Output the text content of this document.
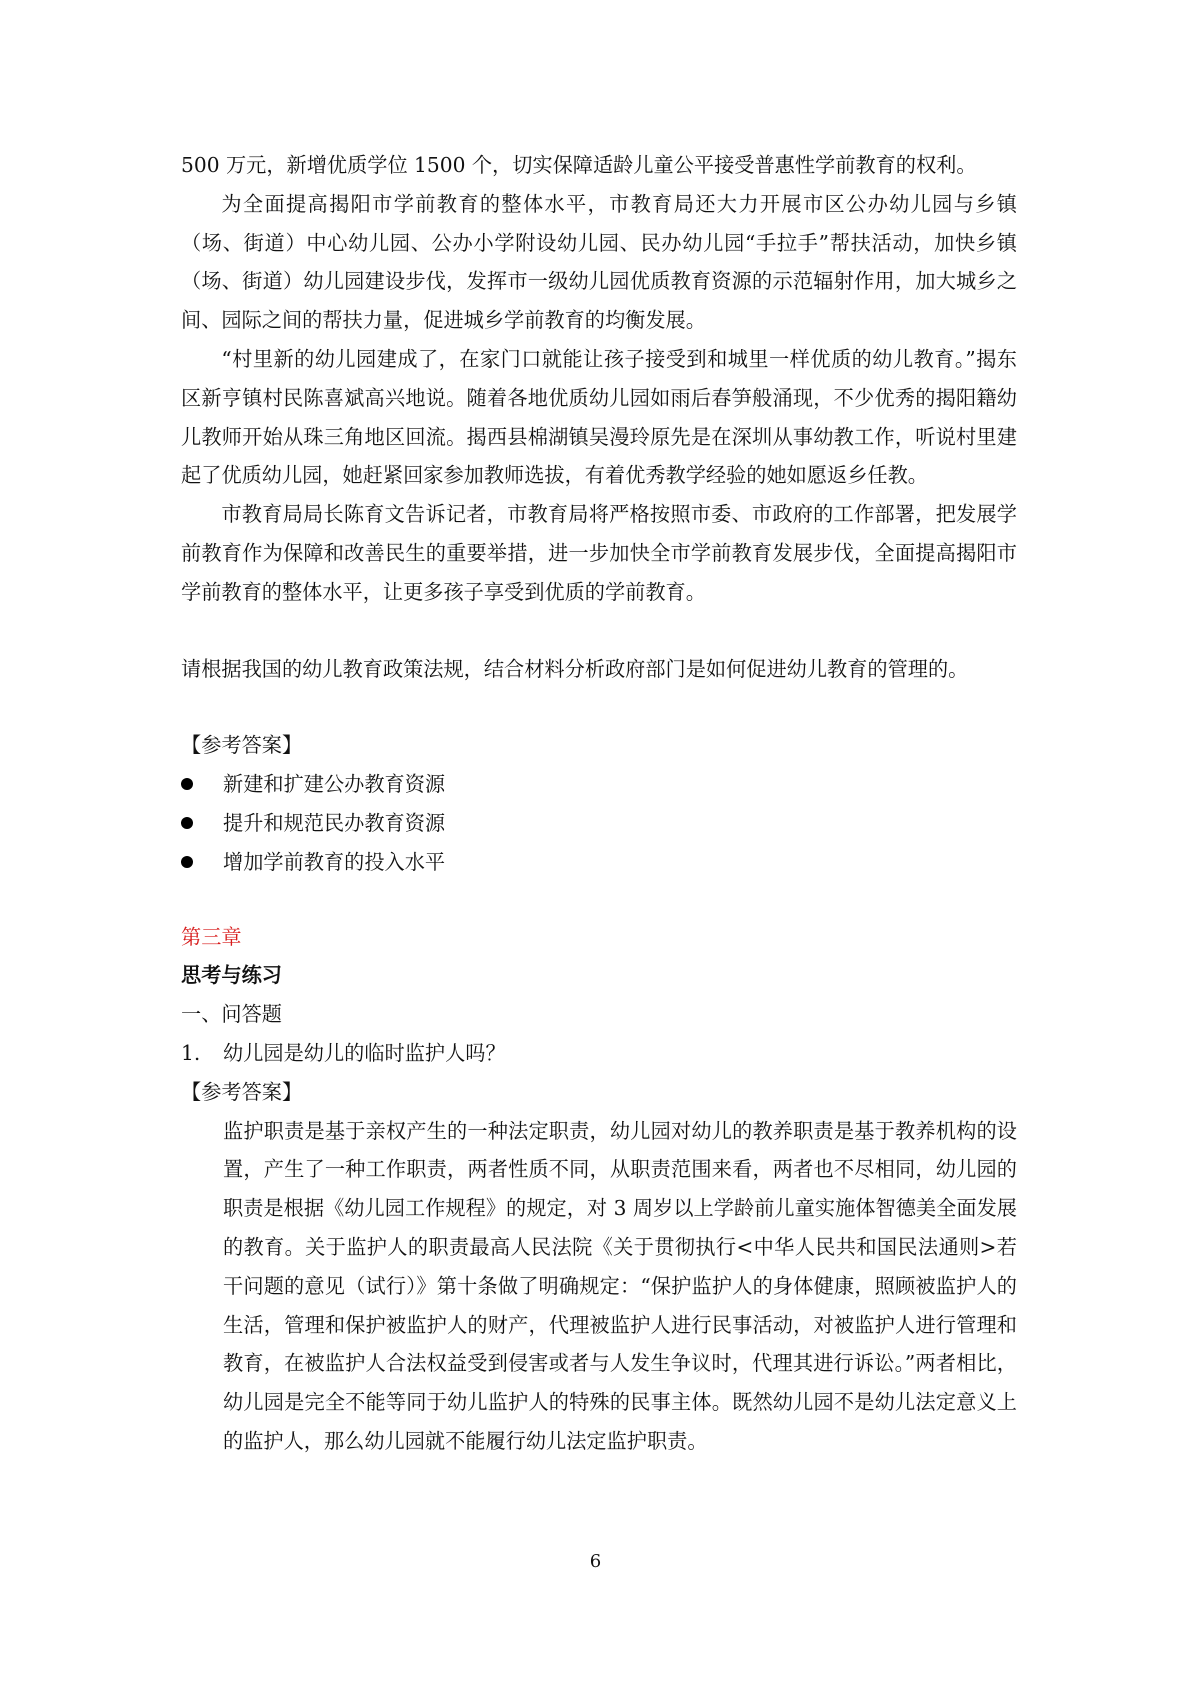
500 万元，新增优质学位 1500 个，切实保障适龄儿童公平接受普惠性学前教育的权利。

为全面提高揭阳市学前教育的整体水平，市教育局还大力开展市区公办幼儿园与乡镇（场、街道）中心幼儿园、公办小学附设幼儿园、民办幼儿园“手拉手”帮扶活动，加快乡镇（场、街道）幼儿园建设步伐，发挥市一级幼儿园优质教育资源的示范辐射作用，加大城乡之间、园际之间的帮扶力量，促进城乡学前教育的均衡发展。

“村里新的幼儿园建成了，在家门口就能让孩子接受到和城里一样优质的幼儿教育。”揭东区新亨镇村民陈喜斌高兴地说。随着各地优质幼儿园如雨后春笋般涌现，不少优秀的揭阳籍幼儿教师开始从珠三角地区回流。揭西县棉湖镇吴漫玲原先是在深圳从事幼教工作，听说村里建起了优质幼儿园，她赶紧回家参加教师选拔，有着优秀教学经验的她如愿返乡任教。

市教育局局长陈育文告诉记者，市教育局将严格按照市委、市政府的工作部署，把发展学前教育作为保障和改善民生的重要举措，进一步加快全市学前教育发展步伐，全面提高揭阳市学前教育的整体水平，让更多孩子享受到优质的学前教育。

请根据我国的幼儿教育政策法规，结合材料分析政府部门是如何促进幼儿教育的管理的。

【参考答案】

新建和扩建公办教育资源
提升和规范民办教育资源
增加学前教育的投入水平

第三章

思考与练习

一、问答题

1. 幼儿园是幼儿的临时监护人吗？

【参考答案】

监护职责是基于亲权产生的一种法定职责，幼儿园对幼儿的教养职责是基于教养机构的设置，产生了一种工作职责，两者性质不同，从职责范围来看，两者也不尽相同，幼儿园的职责是根据《幼儿园工作规程》的规定，对 3 周岁以上学龄前儿童实施体智德美全面发展的教育。关于监护人的职责最高人民法院《关于贯彻执行<中华人民共和国民法通则>若干问题的意见（试行）》第十条做了明确规定：“保护监护人的身体健康，照顾被监护人的生活，管理和保护被监护人的财产，代理被监护人进行民事活动，对被监护人进行管理和教育，在被监护人合法权益受到侵害或者与人发生争议时，代理其进行诉讼。”两者相比，幼儿园是完全不能等同于幼儿监护人的特殊的民事主体。既然幼儿园不是幼儿法定意义上的监护人，那么幼儿园就不能履行幼儿法定监护职责。

6
